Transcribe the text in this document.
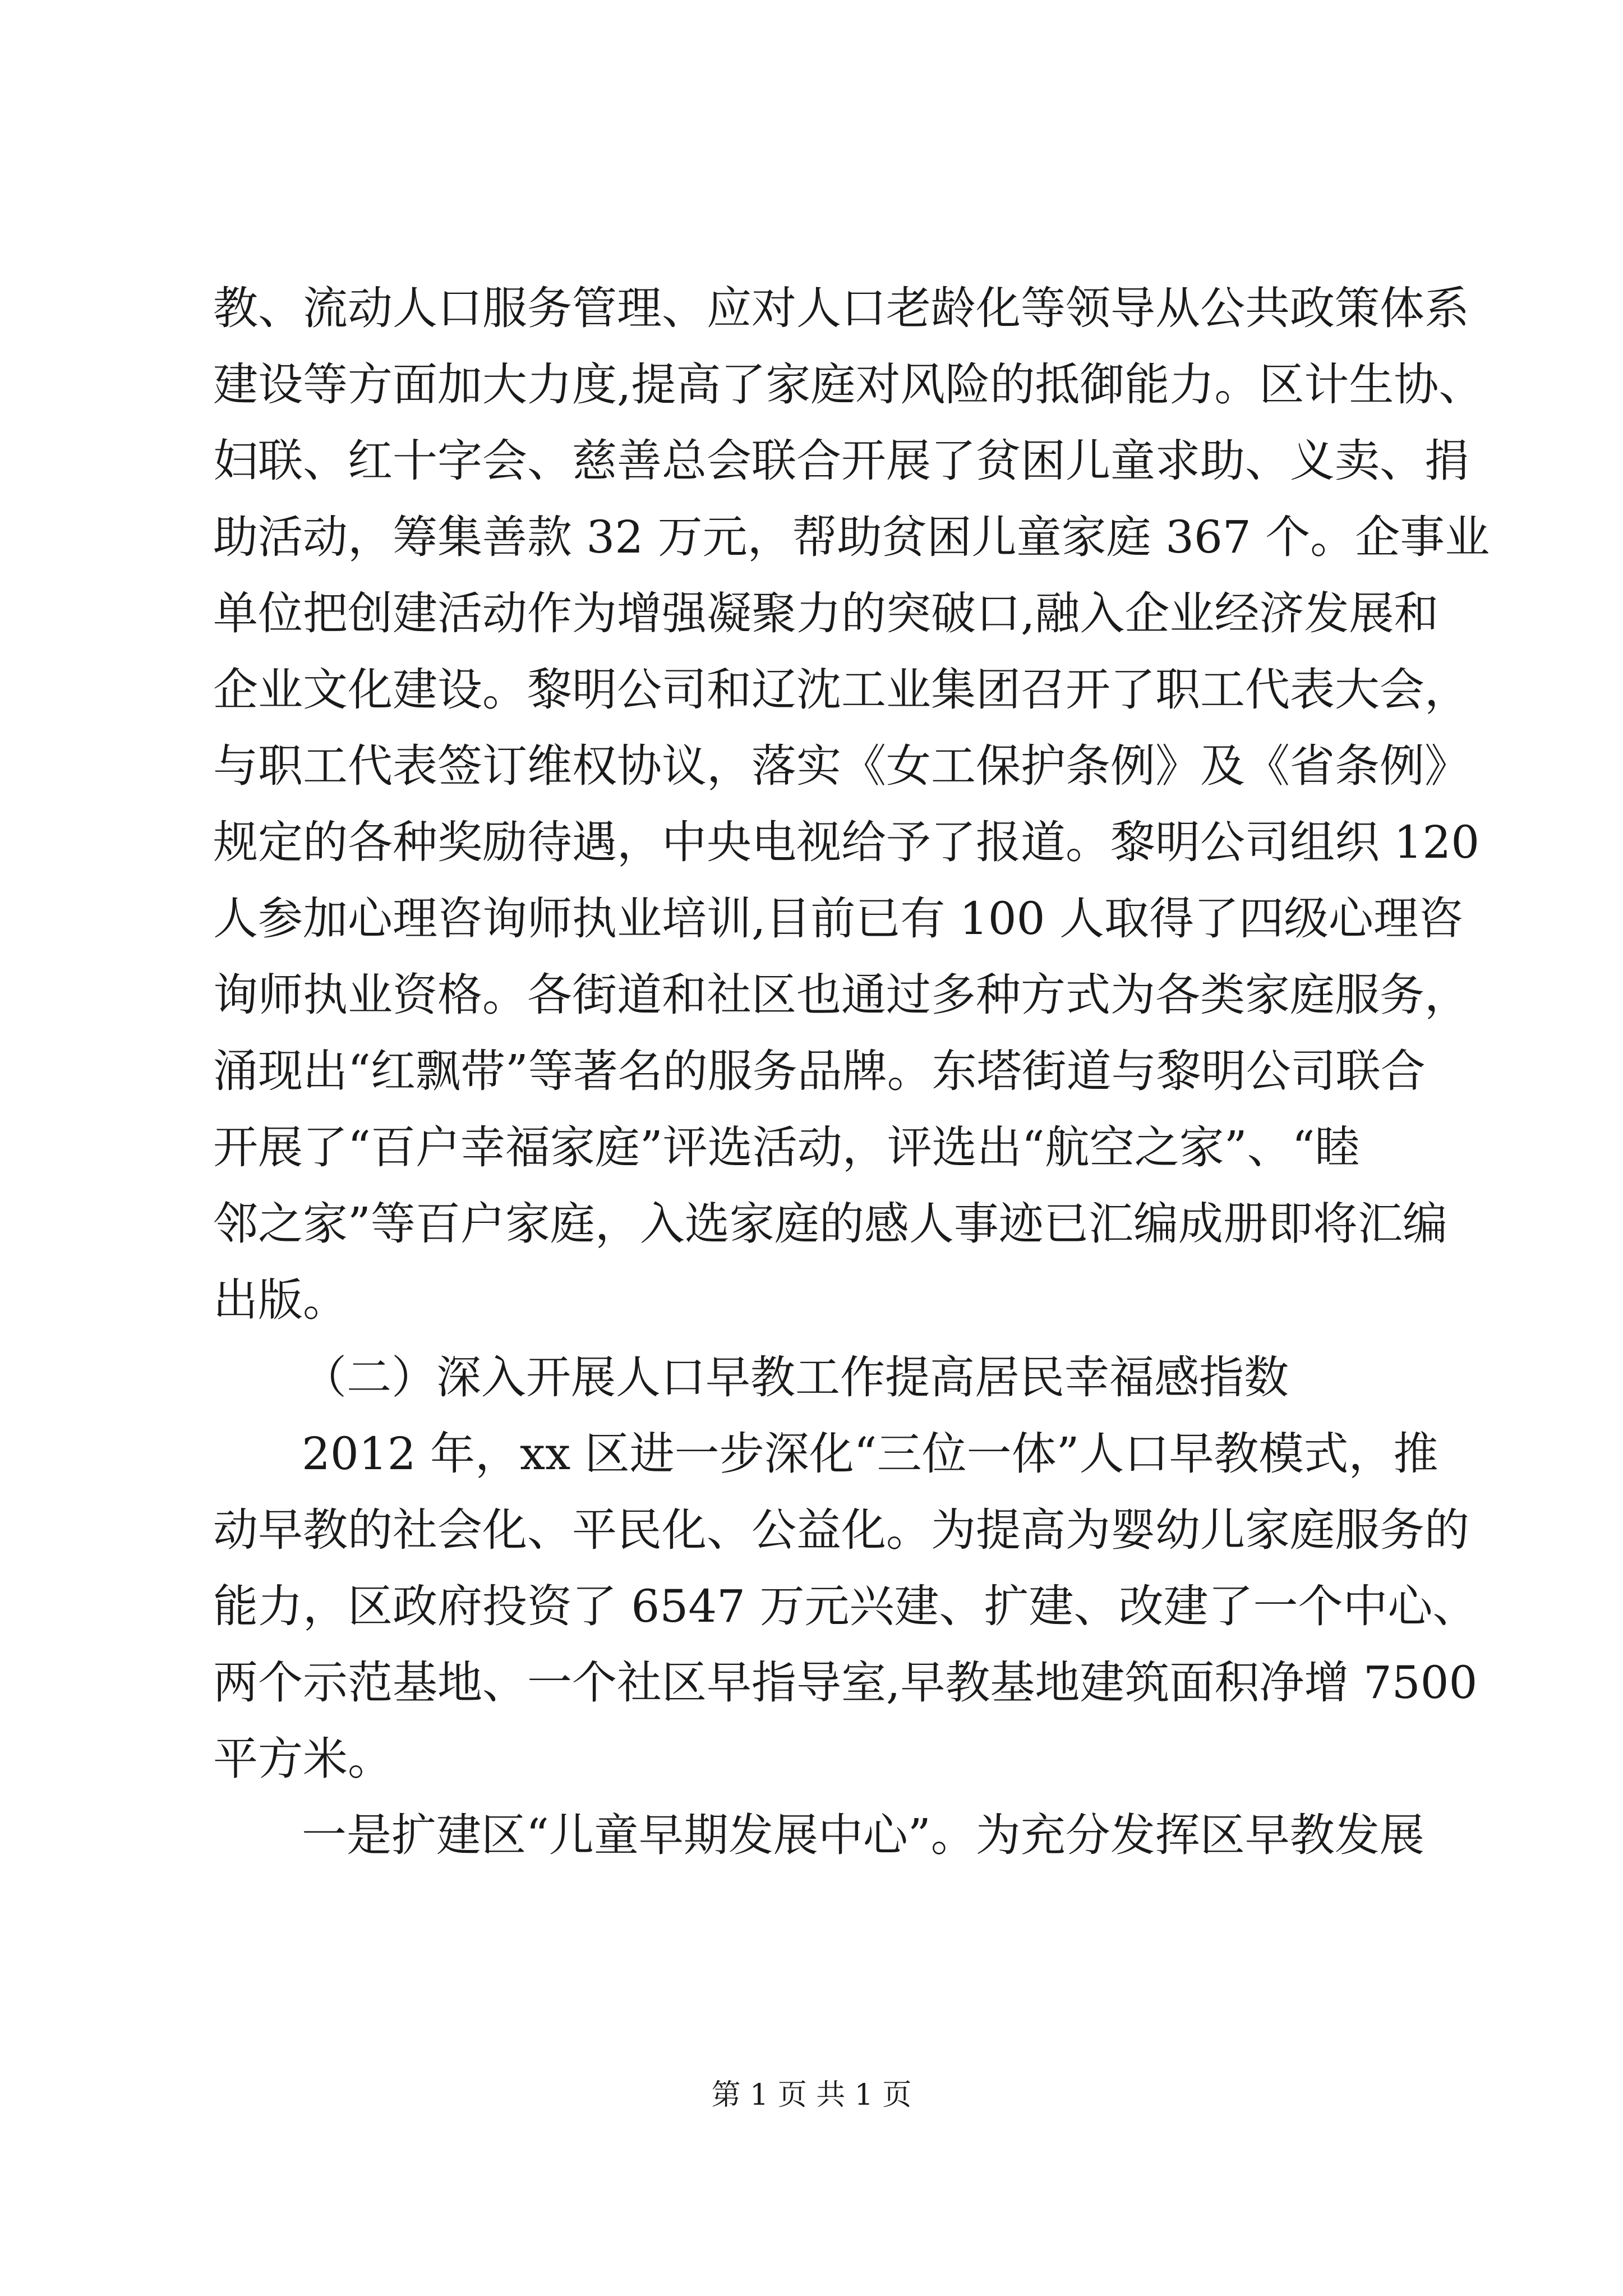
教、流动人口服务管理、应对人口老龄化等领导从公共政策体系
建设等方面加大力度,提高了家庭对风险的抵御能力。区计生协、
妇联、红十字会、慈善总会联合开展了贫困儿童求助、义卖、捐
助活动，筹集善款 32 万元，帮助贫困儿童家庭 367 个。企事业
单位把创建活动作为增强凝聚力的突破口,融入企业经济发展和
企业文化建设。黎明公司和辽沈工业集团召开了职工代表大会，
与职工代表签订维权协议，落实《女工保护条例》及《省条例》
规定的各种奖励待遇，中央电视给予了报道。黎明公司组织 120
人参加心理咨询师执业培训,目前已有 100 人取得了四级心理咨
询师执业资格。各街道和社区也通过多种方式为各类家庭服务，
涌现出“红飘带”等著名的服务品牌。东塔街道与黎明公司联合
开展了“百户幸福家庭”评选活动，评选出“航空之家”、“睦
邻之家”等百户家庭，入选家庭的感人事迹已汇编成册即将汇编
出版。
（二）深入开展人口早教工作提高居民幸福感指数
2012 年，xx 区进一步深化“三位一体”人口早教模式，推
动早教的社会化、平民化、公益化。为提高为婴幼儿家庭服务的
能力，区政府投资了 6547 万元兴建、扩建、改建了一个中心、
两个示范基地、一个社区早指导室,早教基地建筑面积净增 7500
平方米。
一是扩建区“儿童早期发展中心”。为充分发挥区早教发展
第 1 页 共 1 页
